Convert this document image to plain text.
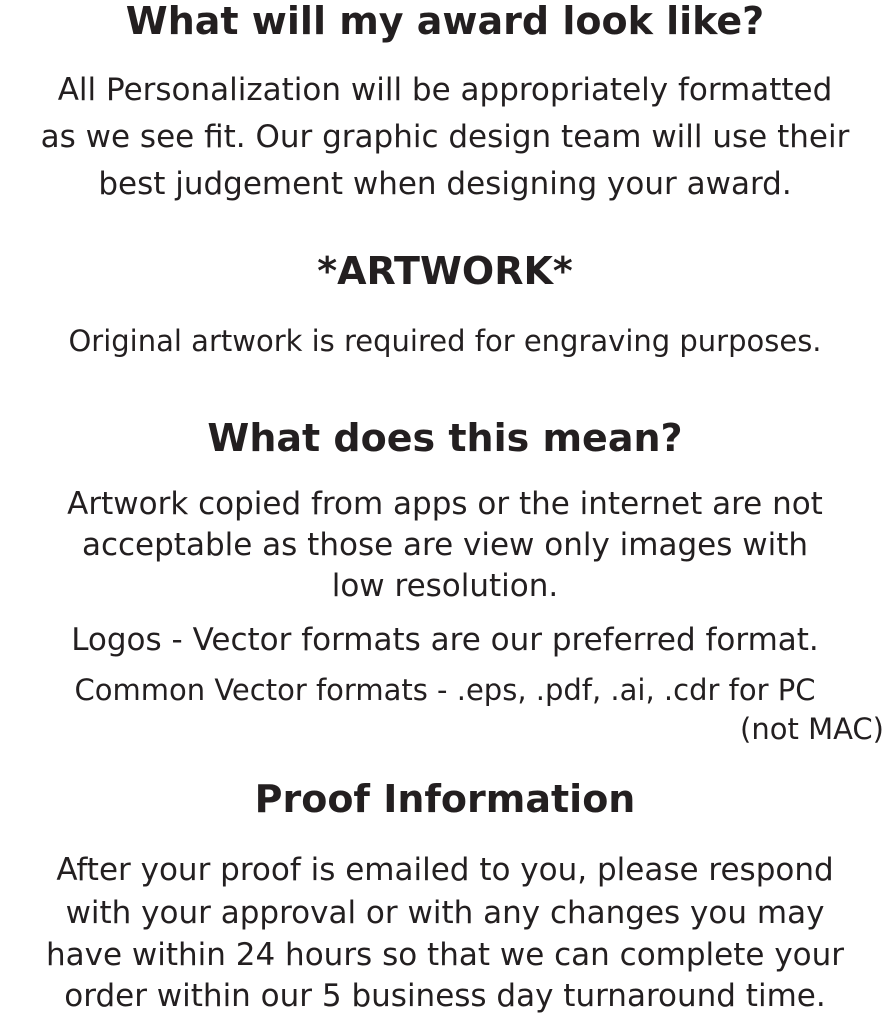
What will my award look like?

All Personalization will be appropriately formatted

as we see fit. Our graphic design team will use their

best judgement when designing your award.

*ARTWORK*

Original artwork is required for engraving purposes.

What does this mean?

Artwork copied from apps or the internet are not

acceptable as those are view only images with

low resolution.

Logos - Vector formats are our preferred format.

Common Vector formats - .eps, .pdf, .ai, .cdr for PC

(not MAC)

Proof Information

After your proof is emailed to you, please respond

with your approval or with any changes you may

have within 24 hours so that we can complete your

order within our 5 business day turnaround time.
